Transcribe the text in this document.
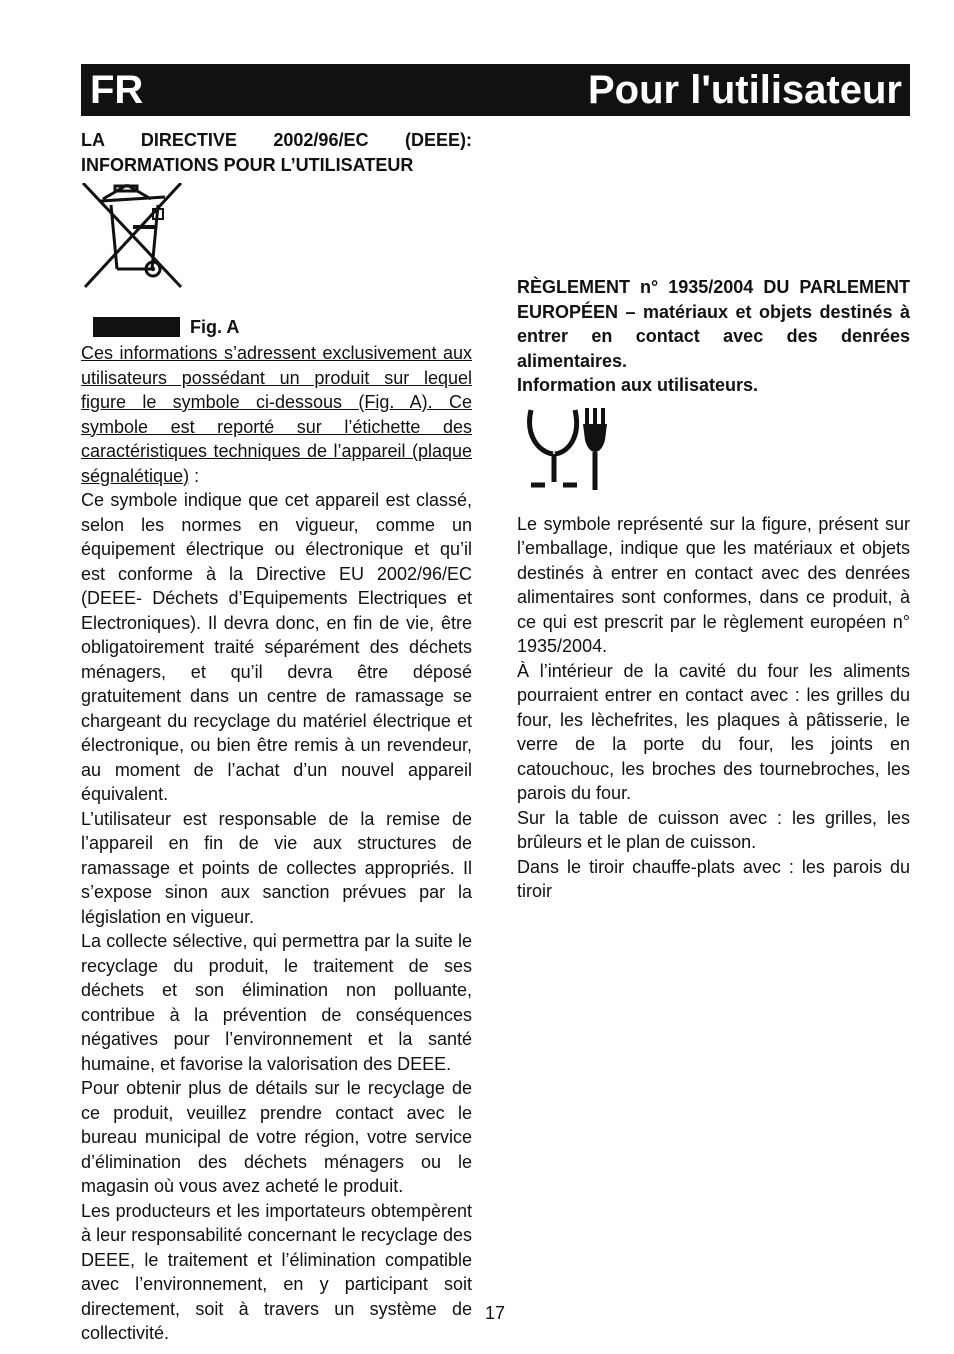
FR	Pour l'utilisateur
LA DIRECTIVE 2002/96/EC (DEEE): INFORMATIONS POUR L’UTILISATEUR
Fig. A

Ces informations s’adressent exclusivement aux utilisateurs possédant un produit sur lequel figure le symbole ci-dessous (Fig. A). Ce symbole est reporté sur l’étichette des caractéristiques techniques de l’appareil (plaque ségnalétique) :

Ce symbole indique que cet appareil est classé, selon les normes en vigueur, comme un équipement électrique ou électronique et qu’il est conforme à la Directive EU 2002/96/EC (DEEE- Déchets d’Equipements Electriques et Electroniques). Il devra donc, en fin de vie, être obligatoirement traité séparément des déchets ménagers, et qu’il devra être déposé gratuitement dans un centre de ramassage se chargeant du recyclage du matériel électrique et électronique, ou bien être remis à un revendeur, au moment de l’achat d’un nouvel appareil équivalent.

L’utilisateur est responsable de la remise de l’appareil en fin de vie aux structures de ramassage et points de collectes appropriés. Il s’expose sinon aux sanction prévues par la législation en vigueur.

La collecte sélective, qui permettra par la suite le recyclage du produit, le traitement de ses déchets et son élimination non polluante, contribue à la prévention de conséquences négatives pour l’environnement et la santé humaine, et favorise la valorisation des DEEE.

Pour obtenir plus de détails sur le recyclage de ce produit, veuillez prendre contact avec le bureau municipal de votre région, votre service d’élimination des déchets ménagers ou le magasin où vous avez acheté le produit.

Les producteurs et les importateurs obtempèrent à leur responsabilité concernant le recyclage des DEEE, le traitement et l’élimination compatible avec l’environnement, en y participant soit directement, soit à travers un système de collectivité.

RÈGLEMENT n° 1935/2004 DU PARLEMENT EUROPÉEN – matériaux et objets destinés à entrer en contact avec des denrées alimentaires.
Information aux utilisateurs.

Le symbole représenté sur la figure, présent sur l’emballage, indique que les matériaux et objets destinés à entrer en contact avec des denrées alimentaires sont conformes, dans ce produit, à ce qui est prescrit par le règlement européen n° 1935/2004.

À l’intérieur de la cavité du four les aliments pourraient entrer en contact avec : les grilles du four, les lèchefrites, les plaques à pâtisserie, le verre de la porte du four, les joints en catouchouc, les broches des tournebroches, les parois du four.

Sur la table de cuisson avec : les grilles, les brûleurs et le plan de cuisson.

Dans le tiroir chauffe-plats avec : les parois du tiroir

17
